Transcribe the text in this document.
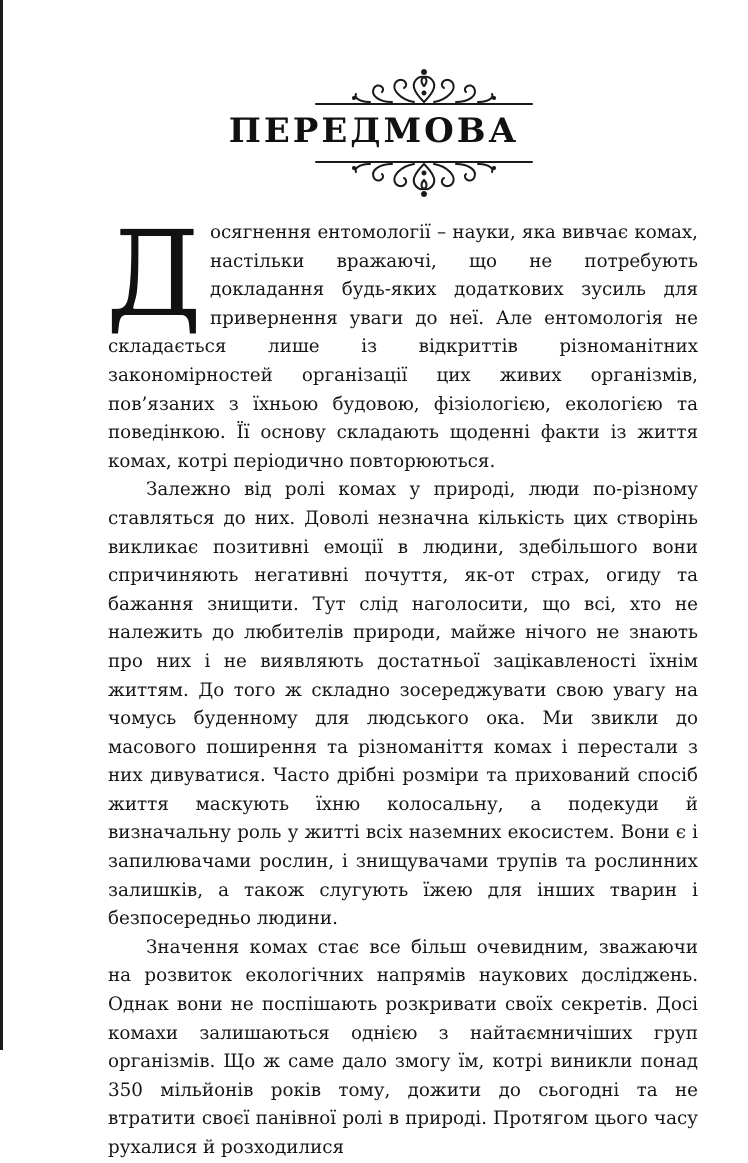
ПЕРЕДМОВА

Досягнення ентомології – науки, яка вивчає комах, настільки вражаючі, що не потребують докладання будь-яких додаткових зусиль для привернення уваги до неї. Але ентомологія не складається лише із відкриттів різноманітних закономірностей організації цих живих організмів, пов’язаних з їхньою будовою, фізіологією, екологією та поведінкою. Її основу складають щоденні факти із життя комах, котрі періодично повторюються.

Залежно від ролі комах у природі, люди по-різному ставляться до них. Доволі незначна кількість цих створінь викликає позитивні емоції в людини, здебільшого вони спричиняють негативні почуття, як-от страх, огиду та бажання знищити. Тут слід наголосити, що всі, хто не належить до любителів природи, майже нічого не знають про них і не виявляють достатньої зацікавленості їхнім життям. До того ж складно зосереджувати свою увагу на чомусь буденному для людського ока. Ми звикли до масового поширення та різноманіття комах і перестали з них дивуватися. Часто дрібні розміри та прихований спосіб життя маскують їхню колосальну, а подекуди й визначальну роль у житті всіх наземних екосистем. Вони є і запилювачами рослин, і знищувачами трупів та рослинних залишків, а також слугують їжею для інших тварин і безпосередньо людини.

Значення комах стає все більш очевидним, зважаючи на розвиток екологічних напрямів наукових досліджень. Однак вони не поспішають розкривати своїх секретів. Досі комахи залишаються однією з найтаємничіших груп організмів. Що ж саме дало змогу їм, котрі виникли понад 350 мільйонів років тому, дожити до сьогодні та не втратити своєї панівної ролі в природі. Протягом цього часу рухалися й розходилися
